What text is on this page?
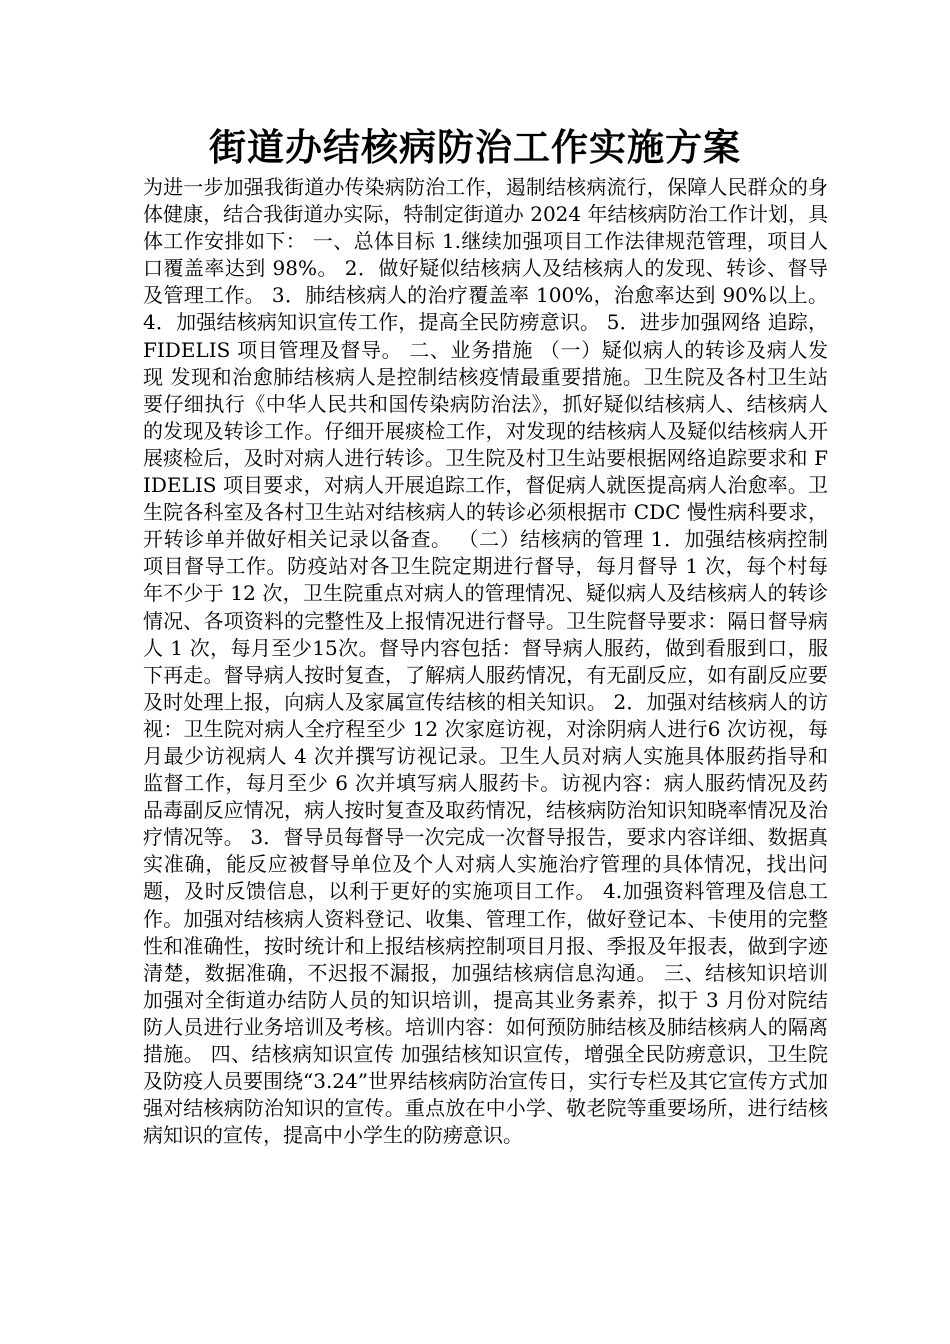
街道办结核病防治工作实施方案

为进一步加强我街道办传染病防治工作，遏制结核病流行，保障人民群众的身体健康，结合我街道办实际，特制定街道办 2024 年结核病防治工作计划，具体工作安排如下： 一、总体目标 1.继续加强项目工作法律规范管理，项目人口覆盖率达到 98%。 2．做好疑似结核病人及结核病人的发现、转诊、督导及管理工作。 3．肺结核病人的治疗覆盖率 100%，治愈率达到 90%以上。 4．加强结核病知识宣传工作，提高全民防痨意识。 5．进步加强网络 追踪，FIDELIS 项目管理及督导。 二、业务措施 （一）疑似病人的转诊及病人发现 发现和治愈肺结核病人是控制结核疫情最重要措施。卫生院及各村卫生站要仔细执行《中华人民共和国传染病防治法》，抓好疑似结核病人、结核病人的发现及转诊工作。仔细开展痰检工作，对发现的结核病人及疑似结核病人开展痰检后，及时对病人进行转诊。卫生院及村卫生站要根据网络追踪要求和 FIDELIS 项目要求，对病人开展追踪工作，督促病人就医提高病人治愈率。卫生院各科室及各村卫生站对结核病人的转诊必须根据市 CDC 慢性病科要求，开转诊单并做好相关记录以备查。 （二）结核病的管理 1．加强结核病控制项目督导工作。防疫站对各卫生院定期进行督导，每月督导 1 次，每个村每年不少于 12 次，卫生院重点对病人的管理情况、疑似病人及结核病人的转诊情况、各项资料的完整性及上报情况进行督导。卫生院督导要求：隔日督导病人 1 次，每月至少15次。督导内容包括：督导病人服药，做到看服到口，服下再走。督导病人按时复查，了解病人服药情况，有无副反应，如有副反应要及时处理上报，向病人及家属宣传结核的相关知识。 2．加强对结核病人的访视：卫生院对病人全疗程至少 12 次家庭访视，对涂阴病人进行6 次访视，每月最少访视病人 4 次并撰写访视记录。卫生人员对病人实施具体服药指导和监督工作，每月至少 6 次并填写病人服药卡。访视内容：病人服药情况及药品毒副反应情况，病人按时复查及取药情况，结核病防治知识知晓率情况及治疗情况等。 3．督导员每督导一次完成一次督导报告，要求内容详细、数据真实准确，能反应被督导单位及个人对病人实施治疗管理的具体情况，找出问题，及时反馈信息，以利于更好的实施项目工作。 4.加强资料管理及信息工作。加强对结核病人资料登记、收集、管理工作，做好登记本、卡使用的完整性和准确性，按时统计和上报结核病控制项目月报、季报及年报表，做到字迹清楚，数据准确，不迟报不漏报，加强结核病信息沟通。 三、结核知识培训 加强对全街道办结防人员的知识培训，提高其业务素养，拟于 3 月份对院结防人员进行业务培训及考核。培训内容：如何预防肺结核及肺结核病人的隔离措施。 四、结核病知识宣传 加强结核知识宣传，增强全民防痨意识，卫生院及防疫人员要围绕“3.24”世界结核病防治宣传日，实行专栏及其它宣传方式加强对结核病防治知识的宣传。重点放在中小学、敬老院等重要场所，进行结核病知识的宣传，提高中小学生的防痨意识。
